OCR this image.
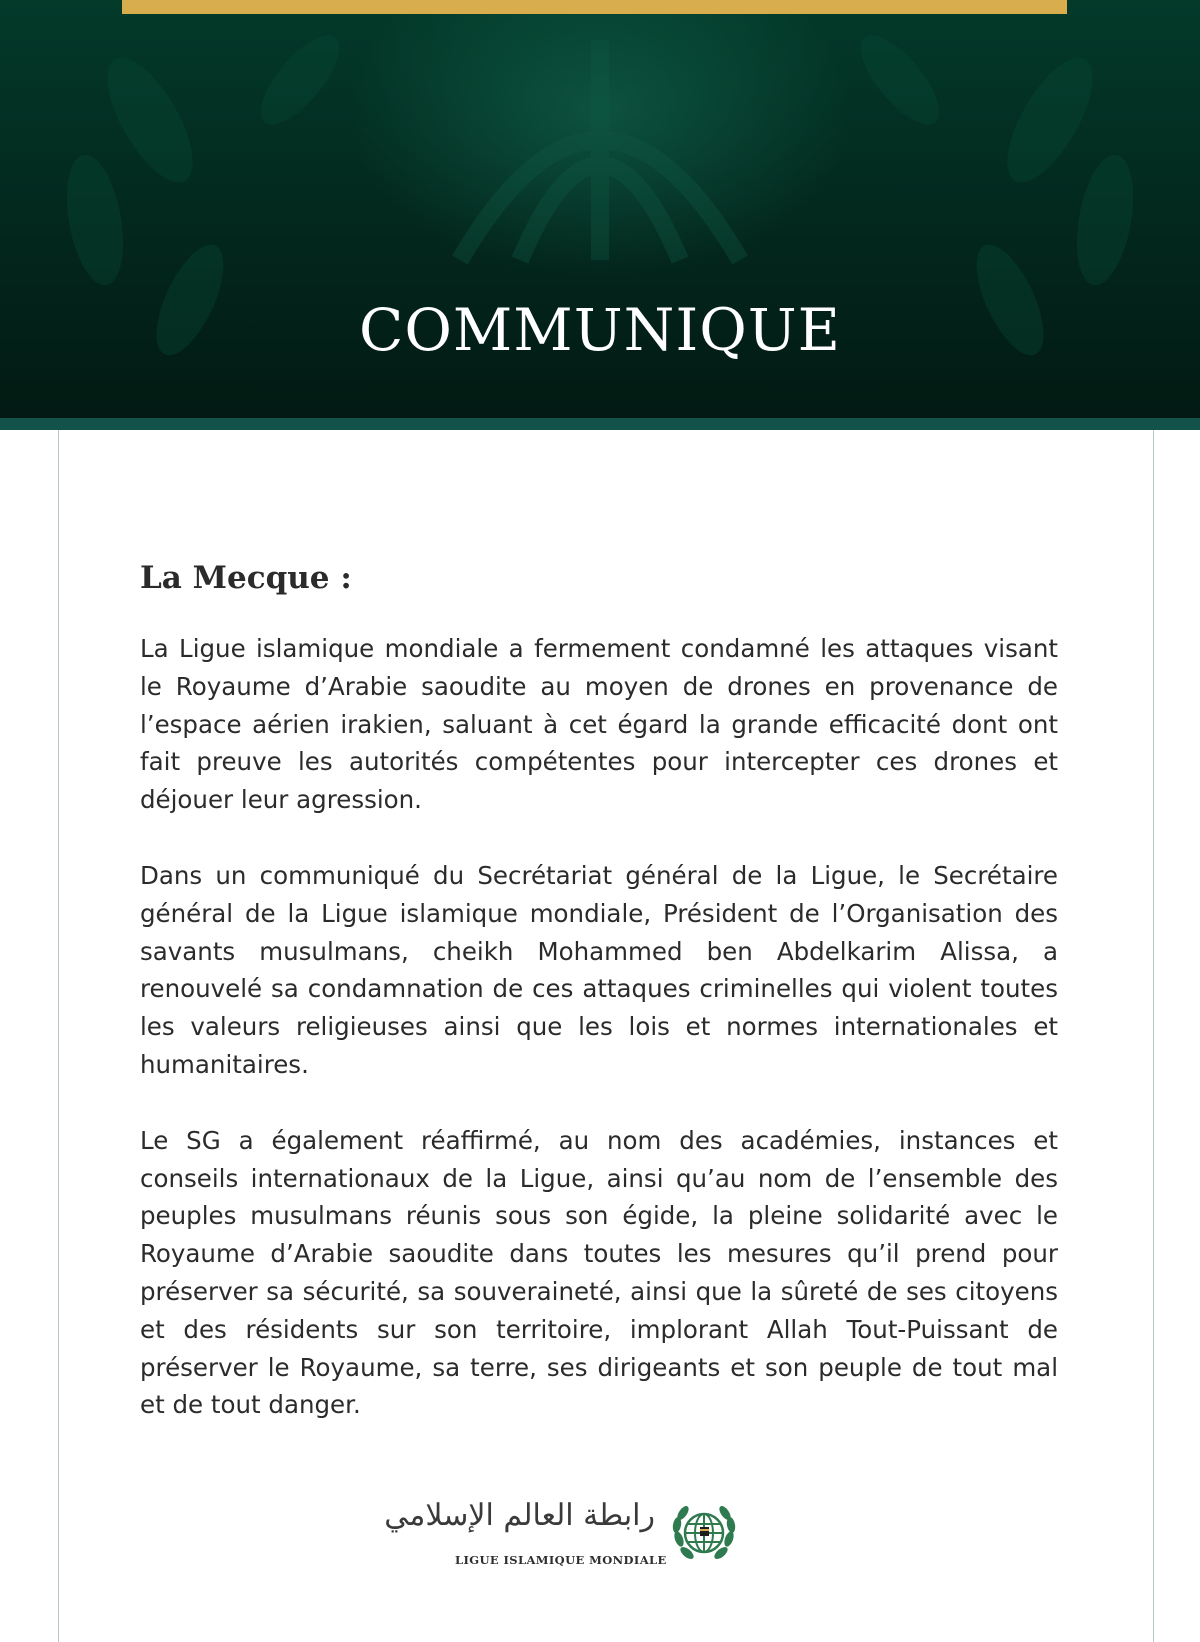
COMMUNIQUE
La Mecque :

La Ligue islamique mondiale a fermement condamné les attaques visant le Royaume d’Arabie saoudite au moyen de drones en provenance de l’espace aérien irakien, saluant à cet égard la grande efficacité dont ont fait preuve les autorités compétentes pour intercepter ces drones et déjouer leur agression.

Dans un communiqué du Secrétariat général de la Ligue, le Secrétaire général de la Ligue islamique mondiale, Président de l’Organisation des savants musulmans, cheikh Mohammed ben Abdelkarim Alissa, a renouvelé sa condamnation de ces attaques criminelles qui violent toutes les valeurs religieuses ainsi que les lois et normes internationales et humanitaires.

Le SG a également réaffirmé, au nom des académies, instances et conseils internationaux de la Ligue, ainsi qu’au nom de l’ensemble des peuples musulmans réunis sous son égide, la pleine solidarité avec le Royaume d’Arabie saoudite dans toutes les mesures qu’il prend pour préserver sa sécurité, sa souveraineté, ainsi que la sûreté de ses citoyens et des résidents sur son territoire, implorant Allah Tout-Puissant de préserver le Royaume, sa terre, ses dirigeants et son peuple de tout mal et de tout danger.

رابطة العالم الإسلامي
LIGUE ISLAMIQUE MONDIALE
